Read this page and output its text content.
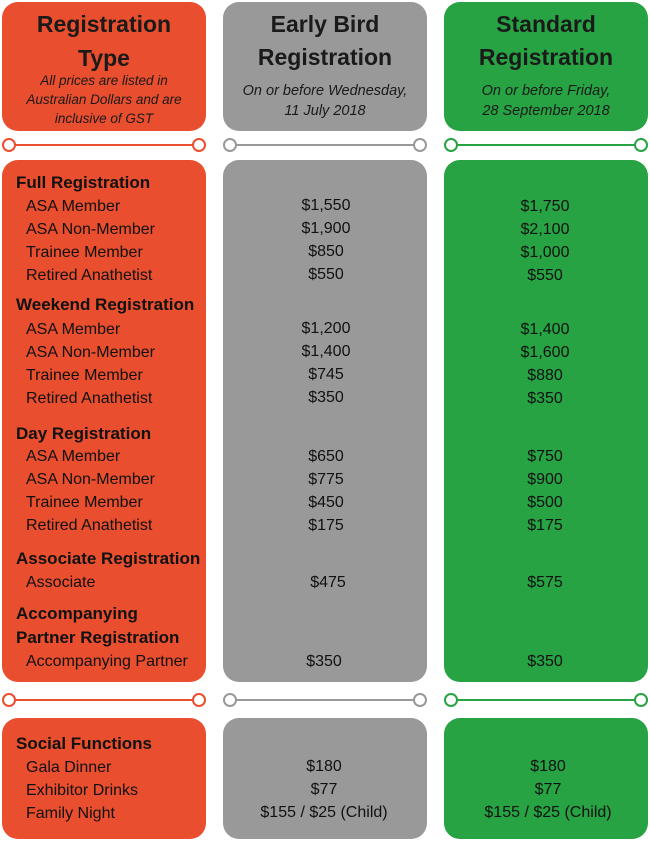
Registration Type
All prices are listed in Australian Dollars and are inclusive of GST
Early Bird
Registration
On or before Wednesday,
11 July 2018
Standard
Registration
On or before Friday,
28 September 2018
Full Registration
ASA Member
ASA Non-Member
Trainee Member
Retired Anathetist
Weekend Registration
ASA Member
ASA Non-Member
Trainee Member
Retired Anathetist
Day Registration
ASA Member
ASA Non-Member
Trainee Member
Retired Anathetist
Associate Registration
Associate
Accompanying
Partner Registration
Accompanying Partner
$1,550
$1,900
$850
$550
$1,200
$1,400
$745
$350
$650
$775
$450
$175
$475
$350
$1,750
$2,100
$1,000
$550
$1,400
$1,600
$880
$350
$750
$900
$500
$175
$575
$350
Social Functions
Gala Dinner
Exhibitor Drinks
Family Night
$180
$77
$155 / $25 (Child)
$180
$77
$155 / $25 (Child)
